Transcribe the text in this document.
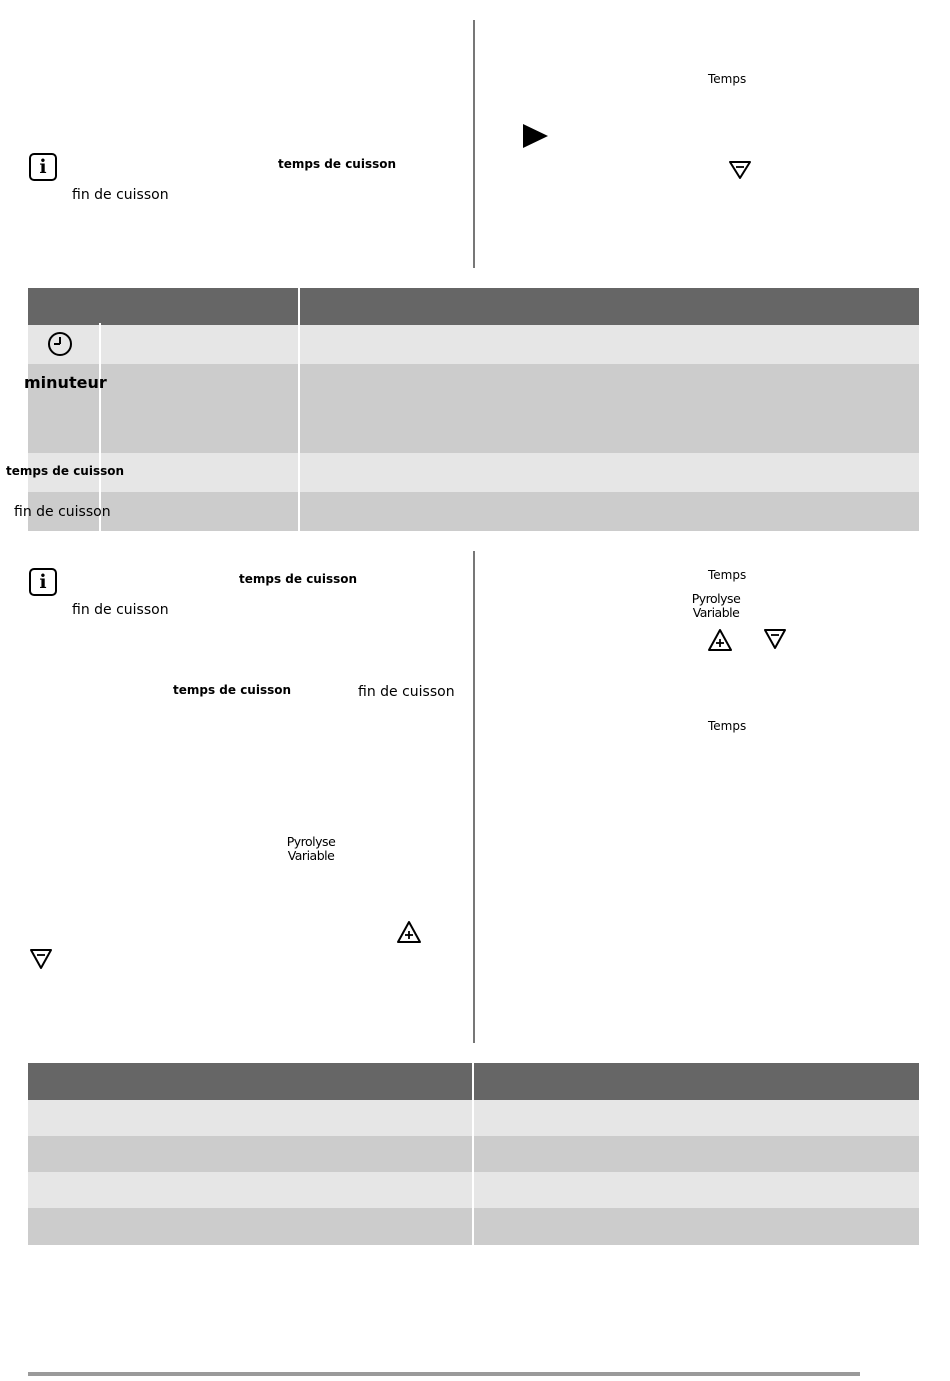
i	temps de cuisson
fin de cuisson
Temps
minuteur
temps de cuisson
fin de cuisson
i	temps de cuisson
fin de cuisson
temps de cuisson	fin de cuisson
Pyrolyse
Variable
Temps
Pyrolyse
Variable
Temps
